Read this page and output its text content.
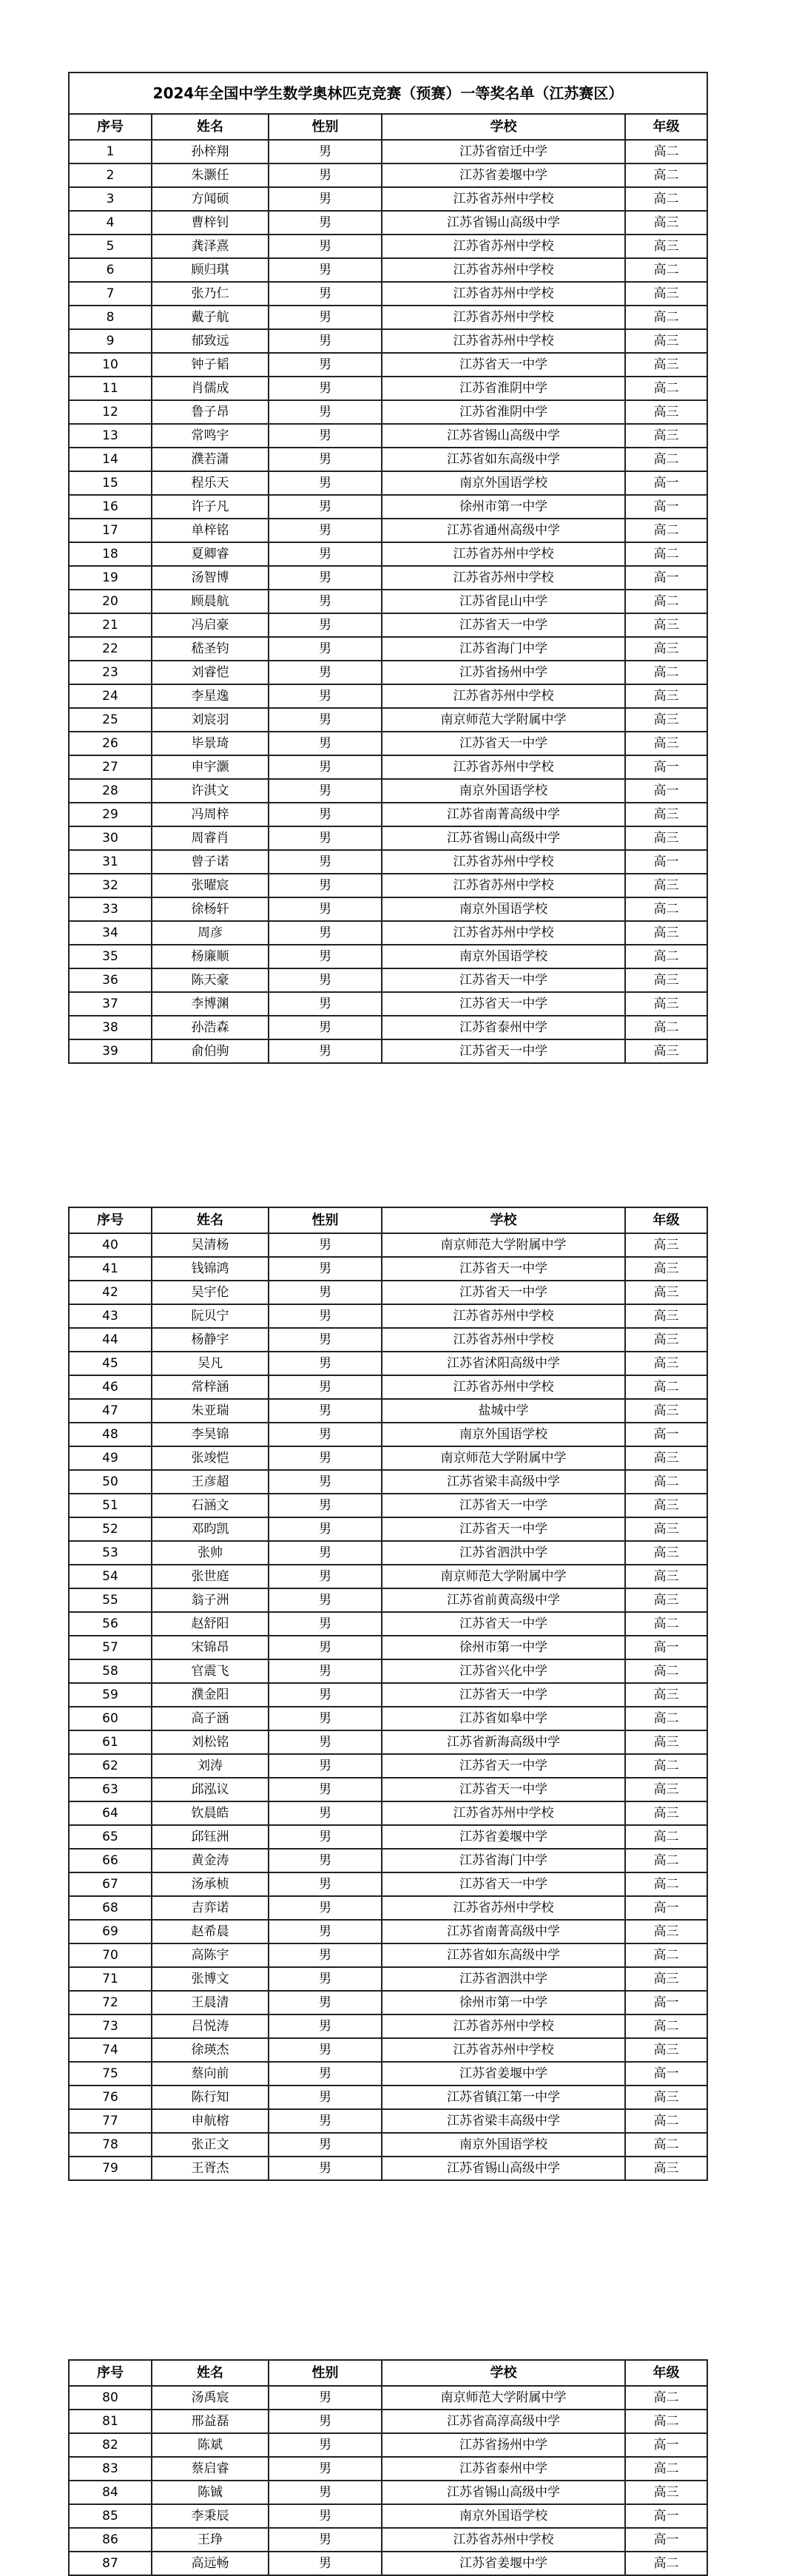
2024年全国中学生数学奥林匹克竞赛（预赛）一等奖名单（江苏赛区）				
序号	姓名	性别	学校	年级
1	孙梓翔	男	江苏省宿迁中学	高二
2	朱灏任	男	江苏省姜堰中学	高二
3	方闻硕	男	江苏省苏州中学校	高二
4	曹梓钊	男	江苏省锡山高级中学	高三
5	龚泽熹	男	江苏省苏州中学校	高三
6	顾归琪	男	江苏省苏州中学校	高二
7	张乃仁	男	江苏省苏州中学校	高三
8	戴子航	男	江苏省苏州中学校	高二
9	郁致远	男	江苏省苏州中学校	高三
10	钟子韬	男	江苏省天一中学	高三
11	肖儒成	男	江苏省淮阴中学	高二
12	鲁子昂	男	江苏省淮阴中学	高三
13	常鸣宇	男	江苏省锡山高级中学	高三
14	濮若潇	男	江苏省如东高级中学	高二
15	程乐天	男	南京外国语学校	高一
16	许子凡	男	徐州市第一中学	高一
17	单梓铭	男	江苏省通州高级中学	高二
18	夏卿睿	男	江苏省苏州中学校	高二
19	汤智博	男	江苏省苏州中学校	高一
20	顾晨航	男	江苏省昆山中学	高二
21	冯启豪	男	江苏省天一中学	高三
22	嵇圣钧	男	江苏省海门中学	高三
23	刘睿恺	男	江苏省扬州中学	高二
24	李星逸	男	江苏省苏州中学校	高三
25	刘宸羽	男	南京师范大学附属中学	高三
26	毕景琦	男	江苏省天一中学	高三
27	申宇灏	男	江苏省苏州中学校	高一
28	许淇文	男	南京外国语学校	高一
29	冯周梓	男	江苏省南菁高级中学	高三
30	周睿肖	男	江苏省锡山高级中学	高三
31	曾子诺	男	江苏省苏州中学校	高一
32	张曜宸	男	江苏省苏州中学校	高三
33	徐杨轩	男	南京外国语学校	高二
34	周彦	男	江苏省苏州中学校	高三
35	杨廉顺	男	南京外国语学校	高二
36	陈天豪	男	江苏省天一中学	高三
37	李博渊	男	江苏省天一中学	高三
38	孙浩森	男	江苏省泰州中学	高二
39	俞伯驹	男	江苏省天一中学	高三
序号	姓名	性别	学校	年级
40	吴清杨	男	南京师范大学附属中学	高三
41	钱锦鸿	男	江苏省天一中学	高三
42	吴宇伦	男	江苏省天一中学	高三
43	阮贝宁	男	江苏省苏州中学校	高三
44	杨静宇	男	江苏省苏州中学校	高三
45	吴凡	男	江苏省沭阳高级中学	高三
46	常梓涵	男	江苏省苏州中学校	高二
47	朱亚瑞	男	盐城中学	高三
48	李昊锦	男	南京外国语学校	高一
49	张竣恺	男	南京师范大学附属中学	高三
50	王彦超	男	江苏省梁丰高级中学	高二
51	石涵文	男	江苏省天一中学	高三
52	邓昀凯	男	江苏省天一中学	高三
53	张帅	男	江苏省泗洪中学	高三
54	张世庭	男	南京师范大学附属中学	高三
55	翁子洲	男	江苏省前黄高级中学	高三
56	赵舒阳	男	江苏省天一中学	高二
57	宋锦昂	男	徐州市第一中学	高一
58	官震飞	男	江苏省兴化中学	高二
59	濮金阳	男	江苏省天一中学	高三
60	高子涵	男	江苏省如皋中学	高二
61	刘松铭	男	江苏省新海高级中学	高三
62	刘涛	男	江苏省天一中学	高二
63	邱泓议	男	江苏省天一中学	高三
64	钦晨皓	男	江苏省苏州中学校	高三
65	邱钰洲	男	江苏省姜堰中学	高二
66	黄金涛	男	江苏省海门中学	高二
67	汤承桢	男	江苏省天一中学	高二
68	吉弈诺	男	江苏省苏州中学校	高一
69	赵希晨	男	江苏省南菁高级中学	高三
70	高陈宇	男	江苏省如东高级中学	高二
71	张博文	男	江苏省泗洪中学	高三
72	王晨清	男	徐州市第一中学	高一
73	吕悦涛	男	江苏省苏州中学校	高二
74	徐瑛杰	男	江苏省苏州中学校	高三
75	蔡向前	男	江苏省姜堰中学	高一
76	陈行知	男	江苏省镇江第一中学	高三
77	申航榕	男	江苏省梁丰高级中学	高二
78	张正文	男	南京外国语学校	高二
79	王胥杰	男	江苏省锡山高级中学	高三
序号	姓名	性别	学校	年级
80	汤禹宸	男	南京师范大学附属中学	高二
81	邢益磊	男	江苏省高淳高级中学	高二
82	陈斌	男	江苏省扬州中学	高一
83	蔡启睿	男	江苏省泰州中学	高二
84	陈铖	男	江苏省锡山高级中学	高三
85	李秉辰	男	南京外国语学校	高一
86	王琤	男	江苏省苏州中学校	高一
87	高远畅	男	江苏省姜堰中学	高二
